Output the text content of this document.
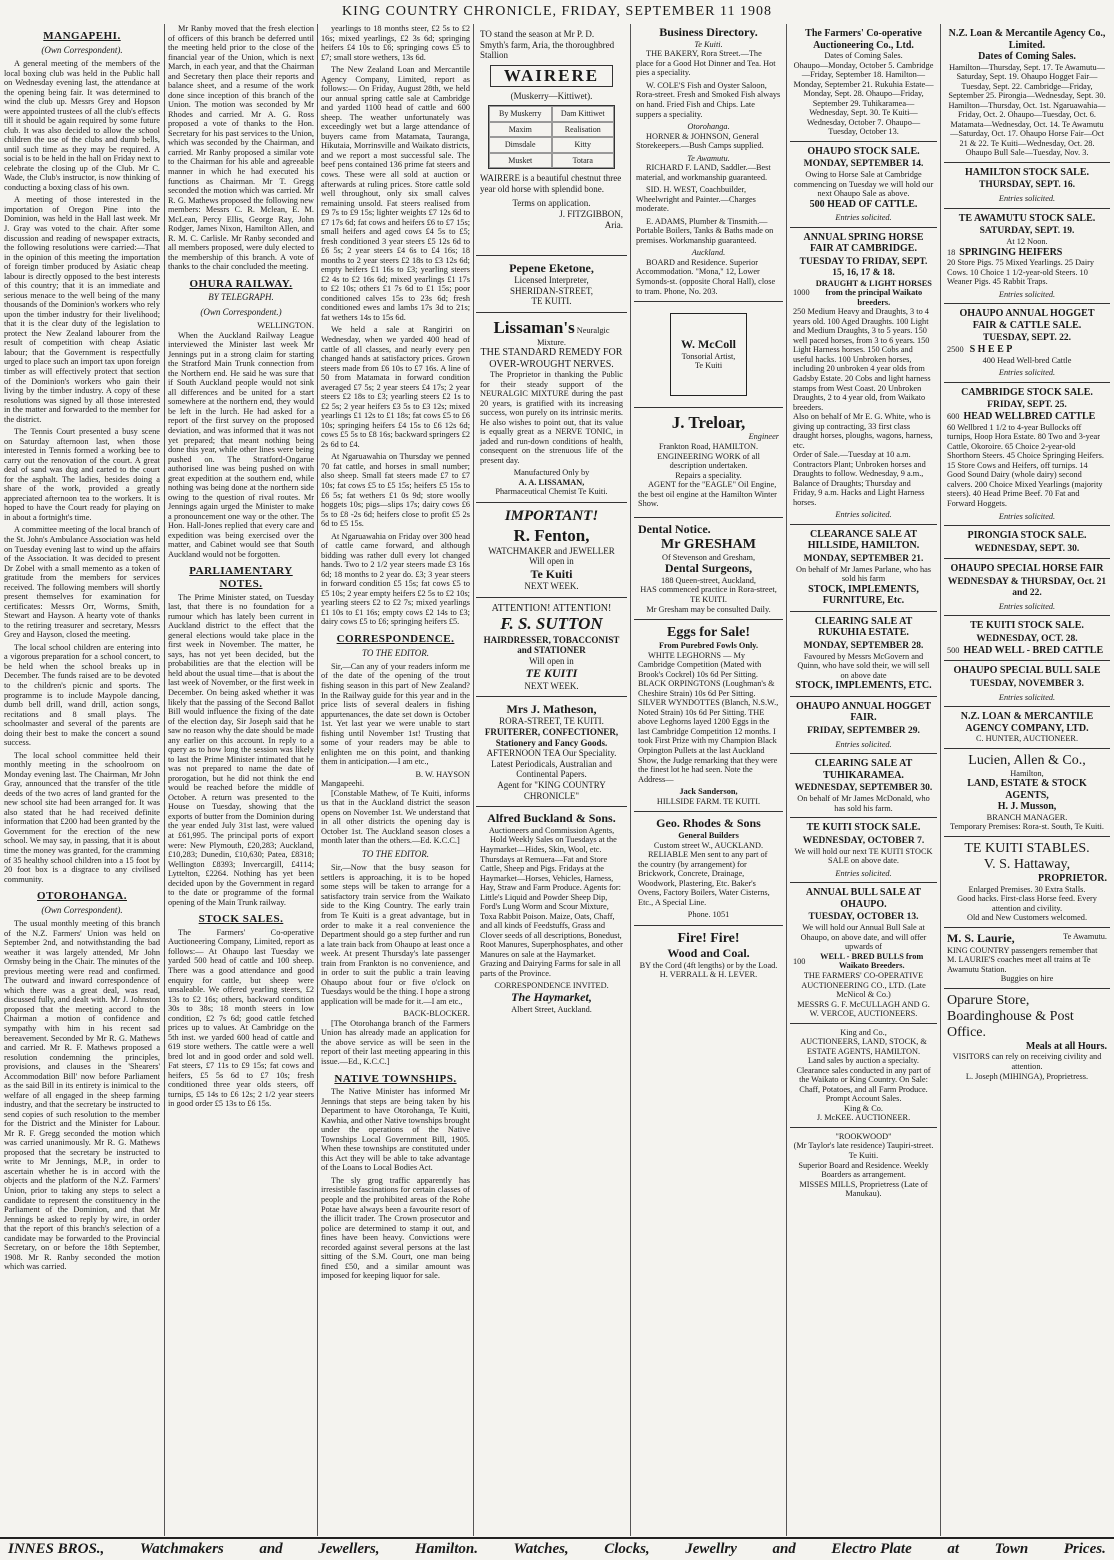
KING COUNTRY CHRONICLE, FRIDAY, SEPTEMBER 11 1908
MANGAPEHI.
(Own Correspondent).

A general meeting of the members of the local boxing club was held in the Public hall on Wednesday evening last, the attendance at the opening being fair. It was determined to wind the club up. Messrs Grey and Hopson were appointed trustees of all the club's effects till it should be again required by some future club. It was also decided to allow the school children the use of the clubs and dumb bells, until such time as they may be required. A social is to be held in the hall on Friday next to celebrate the closing up of the Club. Mr C. Wade, the Club's instructor, is now thinking of conducting a boxing class of his own.

A meeting of those interested in the importation of Oregon Pine into the Dominion, was held in the Hall last week. Mr J. Gray was voted to the chair. After some discussion and reading of newspaper extracts, the following resolutions were carried:—That in the opinion of this meeting the importation of foreign timber produced by Asiatic cheap labour is directly opposed to the best interests of this country; that it is an immediate and serious menace to the well being of the many thousands of the Dominion's workers who rely upon the timber industry for their livelihood; that it is the clear duty of the legislation to protect the New Zealand labourer from the result of competition with cheap Asiatic labour; that the Government is respectfully urged to place such an import tax upon foreign timber as will effectively protect that section of the Dominion's workers who gain their living by the timber industry. A copy of these resolutions was signed by all those interested in the matter and forwarded to the member for the district.

The Tennis Court presented a busy scene on Saturday afternoon last, when those interested in Tennis formed a working bee to carry out the renovation of the court. A great deal of sand was dug and carted to the court for the asphalt. The ladies, besides doing a share of the work, provided a greatly appreciated afternoon tea to the workers. It is hoped to have the Court ready for playing on in about a fortnight's time.

A committee meeting of the local branch of the St. John's Ambulance Association was held on Tuesday evening last to wind up the affairs of the Association. It was decided to present Dr Zobel with a small memento as a token of gratitude from the members for services received. The following members will shortly present themselves for examination for certificates: Messrs Orr, Worms, Smith, Stewart and Hayson. A hearty vote of thanks to the retiring treasurer and secretary, Messrs Grey and Hayson, closed the meeting.

The local school children are entering into a vigorous preparation for a school concert, to be held when the school breaks up in December. The funds raised are to be devoted to the children's picnic and sports. The programme is to include Maypole dancing, dumb bell drill, wand drill, action songs, recitations and 8 small plays. The schoolmaster and several of the parents are doing their best to make the concert a sound success.

The local school committee held their monthly meeting in the schoolroom on Monday evening last. The Chairman, Mr John Gray, announced that the transfer of the title deeds of the two acres of land granted for the new school site had been arranged for. It was also stated that he had received definite information that £200 had been granted by the Government for the erection of the new school. We may say, in passing, that it is about time the money was granted, for the cramming of 35 healthy school children into a 15 foot by 20 foot box is a disgrace to any civilised community.

OTOROHANGA.
(Own Correspondent).

The usual monthly meeting of this branch of the N.Z. Farmers' Union was held on September 2nd, and notwithstanding the bad weather it was largely attended, Mr John Ormsby being in the Chair. The minutes of the previous meeting were read and confirmed. The outward and inward correspondence of which there was a great deal, was read, discussed fully, and dealt with. Mr J. Johnston proposed that the meeting accord to the Chairman a motion of confidence and sympathy with him in his recent sad bereavement. Seconded by Mr R. G. Mathews and carried. Mr R. F. Mathews proposed a resolution condemning the principles, provisions, and clauses in the 'Shearers' Accommodation Bill' now before Parliament as the said Bill in its entirety is inimical to the welfare of all engaged in the sheep farming industry, and that the secretary be instructed to send copies of such resolution to the member for the District and the Minister for Labour. Mr R. F. Gregg seconded the motion which was carried unanimously. Mr R. G. Mathews proposed that the secretary be instructed to write to Mr Jennings, M.P., in order to ascertain whether he is in accord with the objects and the platform of the N.Z. Farmers' Union, prior to taking any steps to select a candidate to represent the constituency in the Parliament of the Dominion, and that Mr Jennings be asked to reply by wire, in order that the report of this branch's selection of a candidate may be forwarded to the Provincial Secretary, on or before the 18th September, 1908. Mr R. Ranby seconded the motion which was carried.

Mr Ranby moved that the fresh election of officers of this branch be deferred until the meeting held prior to the close of the financial year of the Union, which is next March, in each year, and that the Chairman and Secretary then place their reports and balance sheet, and a resume of the work done since inception of this branch of the Union. The motion was seconded by Mr Rhodes and carried. Mr A. G. Ross proposed a vote of thanks to the Hon. Secretary for his past services to the Union, which was seconded by the Chairman, and carried. Mr Ranby proposed a similar vote to the Chairman for his able and agreeable manner in which he had executed his functions as Chairman. Mr T. Gregg seconded the motion which was carried. Mr R. G. Mathews proposed the following new members: Messrs C. R. Mclean, E. M. McLean, Percy Ellis, George Ray, John Rodger, James Nixon, Hamilton Allen, and R. M. C. Carlisle. Mr Ranby seconded and all members proposed, were duly elected to the membership of this branch. A vote of thanks to the chair concluded the meeting.

OHURA RAILWAY.
BY TELEGRAPH.
(Own Correspondent.)
WELLINGTON.

When the Auckland Railway League interviewed the Minister last week Mr Jennings put in a strong claim for starting the Stratford Main Trunk connection from the Northern end. He said he was sure that if South Auckland people would not sink all differences and be united for a start somewhere at the northern end, they would be left in the lurch. He had asked for a report of the first survey on the proposed deviation, and was informed that it was not yet prepared; that meant nothing being done this year, while other lines were being pushed on. The Stratford-Ongarue authorised line was being pushed on with great expedition at the southern end, while nothing was being done at the northern side owing to the question of rival routes. Mr Jennings again urged the Minister to make a pronouncement one way or the other. The Hon. Hall-Jones replied that every care and expedition was being exercised over the matter, and Cabinet would see that South Auckland would not be forgotten.

PARLIAMENTARY NOTES.

The Prime Minister stated, on Tuesday last, that there is no foundation for a rumour which has lately been current in Auckland district to the effect that the general elections would take place in the first week in November. The matter, he says, has not yet been decided, but the probabilities are that the election will be held about the usual time—that is about the last week of November, or the first week in December. On being asked whether it was likely that the passing of the Second Ballot Bill would influence the fixing of the date of the election day, Sir Joseph said that he saw no reason why the date should be made any earlier on this account. In reply to a query as to how long the session was likely to last the Prime Minister intimated that he was not prepared to name the date of prorogation, but he did not think the end would be reached before the middle of October. A return was presented to the House on Tuesday, showing that the exports of butter from the Dominion during the year ended July 31st last, were valued at £61,995. The principal ports of export were: New Plymouth, £20,283; Auckland, £10,283; Dunedin, £10,630; Patea, £8318; Wellington £8393; Invercargill, £4114; Lyttelton, £2264. Nothing has yet been decided upon by the Government in regard to the date or programme of the formal opening of the Main Trunk railway.

STOCK SALES.

The Farmers' Co-operative Auctioneering Company, Limited, report as follows:— At Ohaupo last Tuesday we yarded 500 head of cattle and 100 sheep. There was a good attendance and good enquiry for cattle, but sheep were unsaleable. We offered yearling steers, £2 13s to £2 16s; others, backward condition 30s to 38s; 18 month steers in low condition, £2 7s 6d; good cattle fetched prices up to values. At Cambridge on the 5th inst. we yarded 600 head of cattle and 619 store wethers. The cattle were a well bred lot and in good order and sold well. Fat steers, £7 11s to £9 15s; fat cows and heifers, £5 5s 6d to £7 10s; fresh conditioned three year olds steers, off turnips, £5 14s to £6 12s; 2 1/2 year steers in good order £5 13s to £6 15s.

yearlings to 18 months steer, £2 5s to £2 16s; mixed yearlings, £2 3s 6d; springing heifers £4 10s to £6; springing cows £5 to £7; small store wethers, 13s 6d.

The New Zealand Loan and Mercantile Agency Company, Limited, report as follows:— On Friday, August 28th, we held our annual spring cattle sale at Cambridge and yarded 1100 head of cattle and 600 sheep. The weather unfortunately was exceedingly wet but a large attendance of buyers came from Matamata, Tauranga, Hikutaia, Morrinsville and Waikato districts, and we report a most successful sale. The beef pens contained 136 prime fat steers and cows. These were all sold at auction or afterwards at ruling prices. Store cattle sold well throughout, only six small calves remaining unsold. Fat steers realised from £9 7s to £9 15s; lighter weights £7 12s 6d to £7 17s 6d; fat cows and heifers £6 to £7 15s; small heifers and aged cows £4 5s to £5; fresh conditioned 3 year steers £5 12s 6d to £6 5s; 2 year steers £4 6s to £4 16s; 18 months to 2 year steers £2 18s to £3 12s 6d; empty heifers £1 16s to £3; yearling steers £2 4s to £2 16s 6d; mixed yearlings £1 17s to £2 10s; others £1 7s 6d to £1 15s; poor conditioned calves 15s to 23s 6d; fresh conditioned ewes and lambs 17s 3d to 21s; fat wethers 14s to 15s 6d.

We held a sale at Rangiriri on Wednesday, when we yarded 400 head of cattle of all classes, and nearly every pen changed hands at satisfactory prices. Grown steers made from £6 10s to £7 16s. A line of 50 from Matamata in forward condition averaged £7 5s; 2 year steers £4 17s; 2 year steers £2 18s to £3; yearling steers £2 1s to £2 5s; 2 year heifers £3 5s to £3 12s; mixed yearlings £1 12s to £1 18s; fat cows £5 to £6 10s; springing heifers £4 15s to £6 12s 6d; cows £5 5s to £8 16s; backward springers £2 2s 6d to £4.

At Ngaruawahia on Thursday we penned 70 fat cattle, and horses in small number; also sheep. Small fat steers made £7 to £7 10s; fat cows £5 to £5 15s; heifers £5 15s to £6 5s; fat wethers £1 0s 9d; store woolly hoggets 10s; pigs—slips 17s; dairy cows £6 5s to £8 -2s 6d; heifers close to profit £5 2s 6d to £5 15s.

At Ngaruawahia on Friday over 300 head of cattle came forward, and although bidding was rather dull every lot changed hands. Two to 2 1/2 year steers made £3 16s 6d; 18 months to 2 year do. £3; 3 year steers in forward condition £5 15s; fat cows £5 to £5 10s; 2 year empty heifers £2 5s to £2 10s; yearling steers £2 to £2 7s; mixed yearlings £1 10s to £1 16s; empty cows £2 14s to £3; dairy cows £5 to £6; springing heifers £5.

CORRESPONDENCE.
TO THE EDITOR.

Sir,—Can any of your readers inform me of the date of the opening of the trout fishing season in this part of New Zealand? In the Railway guide for this year and in the price lists of several dealers in fishing appurtenances, the date set down is October 1st. Yet last year we were unable to start fishing until November 1st! Trusting that some of your readers may be able to enlighten me on this point, and thanking them in anticipation.—I am etc.,

B. W. HAYSON
Mangapeehi.

[Constable Mathew, of Te Kuiti, informs us that in the Auckland district the season opens on November 1st. We understand that in all other districts the opening day is October 1st. The Auckland season closes a month later than the others.—Ed. K.C.C.]

TO THE EDITOR.

Sir,—Now that the busy season for settlers is approaching, it is to be hoped some steps will be taken to arrange for a satisfactory train service from the Waikato side to the King Country. The early train from Te Kuiti is a great advantage, but in order to make it a real convenience the Department should go a step further and run a late train back from Ohaupo at least once a week. At present Thursday's late passenger train from Frankton is no convenience, and in order to suit the public a train leaving Ohaupo about four or five o'clock on Tuesdays would be the thing. I hope a strong application will be made for it.—I am etc.,

BACK-BLOCKER.

[The Otorohanga branch of the Farmers Union has already made an application for the above service as will be seen in the report of their last meeting appearing in this issue.—Ed., K.C.C.]

NATIVE TOWNSHIPS.

The Native Minister has informed Mr Jennings that steps are being taken by his Department to have Otorohanga, Te Kuiti, Kawhia, and other Native townships brought under the operations of the Native Townships Local Government Bill, 1905. When these townships are constituted under this Act they will be able to take advantage of the Loans to Local Bodies Act.

The sly grog traffic apparently has irresistible fascinations for certain classes of people and the prohibited areas of the Rohe Potae have always been a favourite resort of the illicit trader. The Crown prosecutor and police are determined to stamp it out, and fines have been heavy. Convictions were recorded against several persons at the last sitting of the S.M. Court, one man being fined £50, and a similar amount was imposed for keeping liquor for sale.

TO stand the season at Mr P. D. Smyth's farm, Aria, the thoroughbred Stallion
WAIRERE
(Muskerry—Kittiwet).
By Muskerry	Dam Kittiwet
Maxim	Realisation
Dimsdale	Kitty
Musket	Totara
WAIRERE is a beautiful chestnut three year old horse with splendid bone.
Terms on application.
J. FITZGIBBON,
Aria.
Pepene Eketone,
Licensed Interpreter,
SHERIDAN-STREET,
TE KUITI.
Lissaman's Neuralgic Mixture.
THE STANDARD REMEDY FOR OVER-WROUGHT NERVES.

The Proprietor in thanking the Public for their steady support of the NEURALGIC MIXTURE during the past 20 years, is gratified with its increasing success, won purely on its intrinsic merits. He also wishes to point out, that its value is equally great as a NERVE TONIC, in jaded and run-down conditions of health, consequent on the strenuous life of the present day.

Manufactured Only by
A. A. LISSAMAN,
Pharmaceutical Chemist Te Kuiti.
IMPORTANT!
R. Fenton,
WATCHMAKER and JEWELLER
Will open in
Te Kuiti
NEXT WEEK.
ATTENTION! ATTENTION!
F. S. SUTTON
HAIRDRESSER, TOBACCONIST and STATIONER
Will open in
TE KUITI
NEXT WEEK.
Mrs J. Matheson,
RORA-STREET, TE KUITI.
FRUITERER, CONFECTIONER, Stationery and Fancy Goods.
AFTERNOON TEA Our Speciality.
Latest Periodicals, Australian and Continental Papers.
Agent for "KING COUNTRY CHRONICLE"
Alfred Buckland & Sons.
Auctioneers and Commission Agents,

Hold Weekly Sales on Tuesdays at the Haymarket—Hides, Skin, Wool, etc. Thursdays at Remuera—Fat and Store Cattle, Sheep and Pigs. Fridays at the Haymarket—Horses, Vehicles, Harness, Hay, Straw and Farm Produce. Agents for: Little's Liquid and Powder Sheep Dip, Ford's Lung Worm and Scour Mixture, Toxa Rabbit Poison. Maize, Oats, Chaff, and all kinds of Feedstuffs, Grass and Clover seeds of all descriptions, Bonedust, Root Manures, Superphosphates, and other Manures on sale at the Haymarket. Grazing and Dairying Farms for sale in all parts of the Province.

CORRESPONDENCE INVITED.
The Haymarket,
Albert Street, Auckland.
Business Directory.
Te Kuiti.

THE BAKERY, Rora Street.—The place for a Good Hot Dinner and Tea. Hot pies a speciality.

W. COLE'S Fish and Oyster Saloon, Rora-street. Fresh and Smoked Fish always on hand. Fried Fish and Chips. Late suppers a speciality.

Otorohanga.

HORNER & JOHNSON, General Storekeepers.—Bush Camps supplied.

Te Awamutu.

RICHARD F. LAND, Saddler.—Best material, and workmanship guaranteed.

SID. H. WEST, Coachbuilder, Wheelwright and Painter.—Charges moderate.

E. ADAMS, Plumber & Tinsmith.—Portable Boilers, Tanks & Baths made on premises. Workmanship guaranteed.

Auckland.

BOARD and Residence. Superior Accommodation. "Mona," 12, Lower Symonds-st. (opposite Choral Hall), close to tram. Phone, No. 203.

W. McColl
Tonsorial Artist,
Te Kuiti
J. Treloar,
Engineer
Frankton Road, HAMILTON.
ENGINEERING WORK of all description undertaken.
Repairs a speciality.

AGENT for the "EAGLE" Oil Engine, the best oil engine at the Hamilton Winter Show.

Dental Notice.
Mr GRESHAM
Of Stevenson and Gresham,
Dental Surgeons,
188 Queen-street, Auckland,
HAS commenced practice in Rora-street, TE KUITI.
Mr Gresham may be consulted Daily.
Eggs for Sale!
From Purebred Fowls Only.

WHITE LEGHORNS — My Cambridge Competition (Mated with Brook's Cockrel) 10s 6d Per Sitting. BLACK ORPINGTONS (Loughman's & Cheshire Strain) 10s 6d Per Sitting. SILVER WYNDOTTES (Blanch, N.S.W., Noted Strain) 10s 6d Per Sitting. THE above Leghorns layed 1200 Eggs in the last Cambridge Competition 12 months. I took First Prize with my Champion Black Orpington Pullets at the last Auckland Show, the Judge remarking that they were the finest lot he had seen. Note the Address—

Jack Sanderson,
HILLSIDE FARM. TE KUITI.
Geo. Rhodes & Sons
General Builders
Custom street W., AUCKLAND.

RELIABLE Men sent to any part of the country (by arrangement) for Brickwork, Concrete, Drainage, Woodwork, Plastering, Etc. Baker's Ovens, Factory Boilers, Water Cisterns, Etc., A Special Line.

Phone. 1051
Fire! Fire!
Wood and Coal.
BY the Cord (4ft lengths) or by the Load.
H. VERRALL & H. LEVER.
The Farmers' Co-operative Auctioneering Co., Ltd.
Dates of Coming Sales.
Ohaupo—Monday, October 5. Cambridge—Friday, September 18. Hamilton—Monday, September 21. Rukuhia Estate—Monday, Sept. 28. Ohaupo—Friday, September 29. Tuhikaramea—Wednesday, Sept. 30. Te Kuiti—Wednesday, October 7. Ohaupo—Tuesday, October 13.
OHAUPO STOCK SALE.
MONDAY, SEPTEMBER 14.
Owing to Horse Sale at Cambridge commencing on Tuesday we will hold our next Ohaupo Sale as above.
500 HEAD OF CATTLE.
Entries solicited.
ANNUAL SPRING HORSE FAIR AT CAMBRIDGE.
TUESDAY TO FRIDAY, SEPT. 15, 16, 17 & 18.
1000
DRAUGHT & LIGHT HORSES from the principal Waikato breeders.
250 Medium Heavy and Draughts, 3 to 4 years old. 100 Aged Draughts. 100 Light and Medium Draughts, 3 to 5 years. 150 well paced horses, from 3 to 6 years. 150 Light Harness horses. 150 Cobs and useful hacks. 100 Unbroken horses, including 20 unbroken 4 year olds from Gadsby Estate. 20 Cobs and light harness stamps from West Coast. 20 Unbroken Draughts, 2 to 4 year old, from Waikato breeders.
Also on behalf of Mr E. G. White, who is giving up contracting, 33 first class draught horses, ploughs, wagons, harness, etc.
Order of Sale.—Tuesday at 10 a.m. Contractors Plant; Unbroken horses and Draughts to follow. Wednesday, 9 a.m., Balance of Draughts; Thursday and Friday, 9 a.m. Hacks and Light Harness horses.
Entries solicited.
CLEARANCE SALE AT HILLSIDE, HAMILTON.
MONDAY, SEPTEMBER 21.
On behalf of Mr James Parlane, who has sold his farm
STOCK, IMPLEMENTS, FURNITURE, Etc.
CLEARING SALE AT RUKUHIA ESTATE.
MONDAY, SEPTEMBER 28.
Favoured by Messrs McGovern and Quinn, who have sold their, we will sell on above date
STOCK, IMPLEMENTS, ETC.
OHAUPO ANNUAL HOGGET FAIR.
FRIDAY, SEPTEMBER 29.
Entries solicited.
CLEARING SALE AT TUHIKARAMEA.
WEDNESDAY, SEPTEMBER 30.
On behalf of Mr James McDonald, who has sold his farm.
TE KUITI STOCK SALE.
WEDNESDAY, OCTOBER 7.
We will hold our next TE KUITI STOCK SALE on above date.
Entries solicited.
ANNUAL BULL SALE AT OHAUPO.
TUESDAY, OCTOBER 13.
We will hold our Annual Bull Sale at Ohaupo, on above date, and will offer upwards of
100
WELL - BRED BULLS from Waikato Breeders.
THE FARMERS' CO-OPERATIVE AUCTIONEERING CO., LTD. (Late McNicol & Co.)
MESSRS G. F. McCULLAGH AND G. W. VERCOE, AUCTIONEERS.
King and Co.,
AUCTIONEERS, LAND, STOCK, & ESTATE AGENTS, HAMILTON.
Land sales by auction a specialty. Clearance sales conducted in any part of the Waikato or King Country. On Sale: Chaff, Potatoes, and all Farm Produce. Prompt Account Sales.
King & Co.
J. McKEE. AUCTIONEER.
"ROOKWOOD"
(Mr Taylor's late residence) Taupiri-street. Te Kuiti.
Superior Board and Residence. Weekly Boarders as arrangement.
MISSES MILLS, Proprietress (Late of Manukau).
N.Z. Loan & Mercantile Agency Co., Limited.
Dates of Coming Sales.
Hamilton—Thursday, Sept. 17. Te Awamutu—Saturday, Sept. 19. Ohaupo Hogget Fair—Tuesday, Sept. 22. Cambridge—Friday, September 25. Pirongia—Wednesday, Sept. 30. Hamilton—Thursday, Oct. 1st. Ngaruawahia—Friday, Oct. 2. Ohaupo—Tuesday, Oct. 6. Matamata—Wednesday, Oct. 14. Te Awamutu—Saturday, Oct. 17. Ohaupo Horse Fair—Oct 21 & 22. Te Kuiti—Wednesday, Oct. 28. Ohaupo Bull Sale—Tuesday, Nov. 3.
HAMILTON STOCK SALE.
THURSDAY, SEPT. 16.
Entries solicited.
TE AWAMUTU STOCK SALE.
SATURDAY, SEPT. 19.
At 12 Noon.
18 SPRINGING HEIFERS
20 Store Pigs. 75 Mixed Yearlings. 25 Dairy Cows. 10 Choice 1 1/2-year-old Steers. 10 Weaner Pigs. 45 Rabbit Traps.
Entries solicited.
OHAUPO ANNUAL HOGGET FAIR & CATTLE SALE.
TUESDAY, SEPT. 22.
2500 S H E E P
400 Head Well-bred Cattle
Entries solicited.
CAMBRIDGE STOCK SALE.
FRIDAY, SEPT. 25.
600 HEAD WELLBRED CATTLE
60 Wellbred 1 1/2 to 4-year Bullocks off turnips, Hoop Hora Estate. 80 Two and 3-year Cattle, Okoroire. 65 Choice 2-year-old Shorthorn Steers. 45 Choice Springing Heifers. 15 Store Cows and Heifers, off turnips. 14 Good Sound Dairy (whole dairy) second calvers. 200 Choice Mixed Yearlings (majority steers). 40 Head Prime Beef. 70 Fat and Forward Hoggets.
Entries solicited.
PIRONGIA STOCK SALE.
WEDNESDAY, SEPT. 30.
OHAUPO SPECIAL HORSE FAIR
WEDNESDAY & THURSDAY, Oct. 21 and 22.
Entries solicited.
TE KUITI STOCK SALE.
WEDNESDAY, OCT. 28.
500 HEAD WELL - BRED CATTLE
OHAUPO SPECIAL BULL SALE
TUESDAY, NOVEMBER 3.
Entries solicited.
N.Z. LOAN & MERCANTILE AGENCY COMPANY, LTD.
C. HUNTER, AUCTIONEER.
Lucien, Allen & Co.,
Hamilton,
LAND, ESTATE & STOCK AGENTS,
H. J. Musson,
BRANCH MANAGER.
Temporary Premises: Rora-st. South, Te Kuiti.
TE KUITI STABLES.
V. S. Hattaway,
PROPRIETOR.
Enlarged Premises. 30 Extra Stalls.
Good hacks. First-class Horse feed. Every attention and civility.
Old and New Customers welcomed.
M. S. Laurie,	Te Awamutu.
KING COUNTRY passengers remember that M. LAURIE'S coaches meet all trains at Te Awamutu Station.
Buggies on hire
Oparure Store, Boardinghouse & Post Office.
Meals at all Hours.
VISITORS can rely on receiving civility and attention.
L. Joseph (MIHINGA), Proprietress.
INNES BROS., Watchmakers and Jewellers, Hamilton. Watches, Clocks, Jewellry and Electro Plate at Town Prices.
